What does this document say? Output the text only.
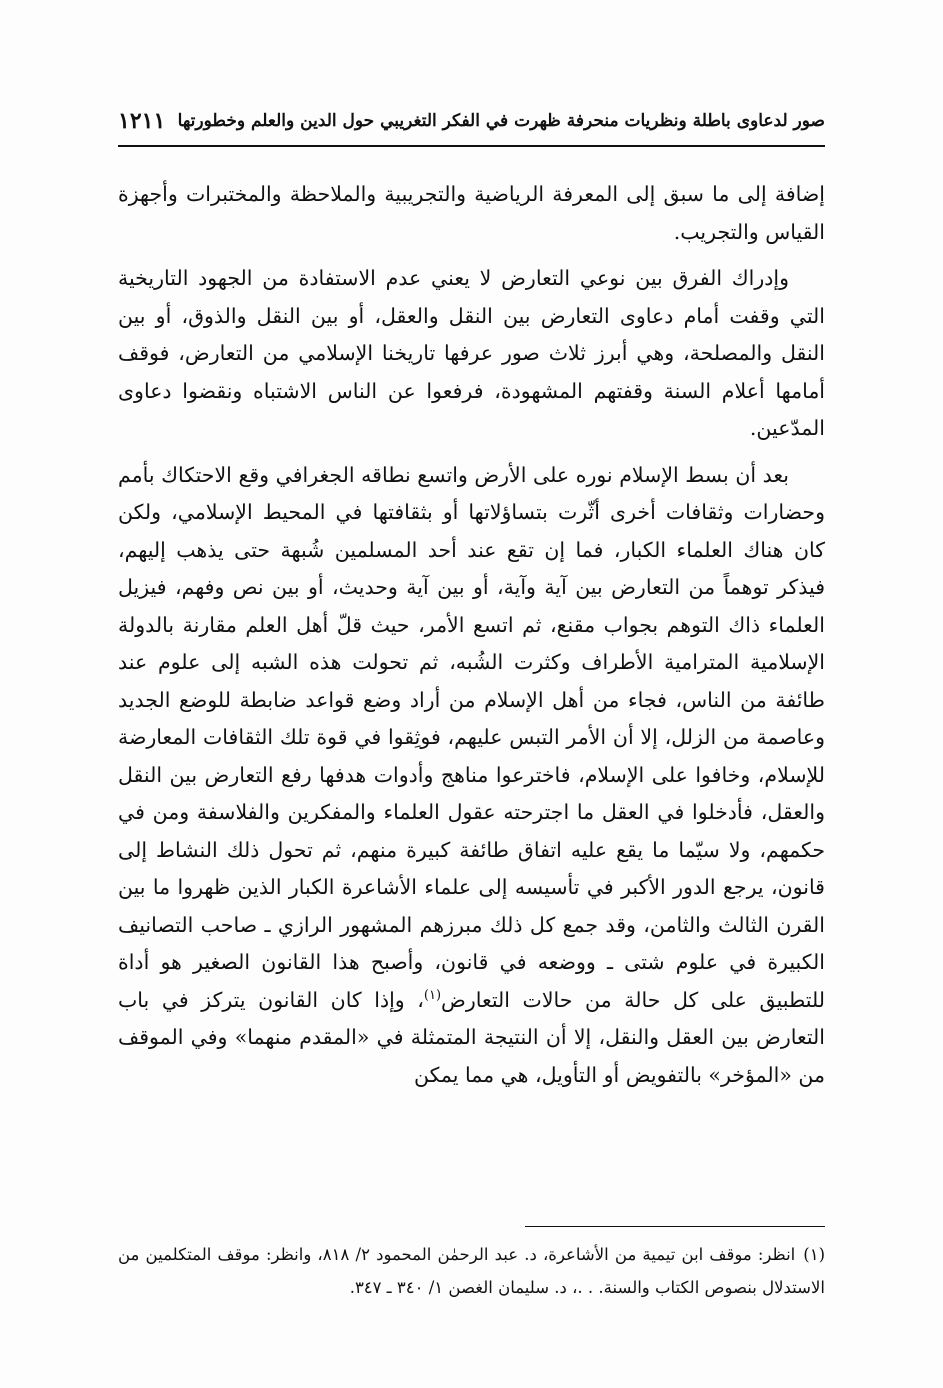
صور لدعاوى باطلة ونظريات منحرفة ظهرت في الفكر التغريبي حول الدين والعلم وخطورتها
١٢١١

إضافة إلى ما سبق إلى المعرفة الرياضية والتجريبية والملاحظة والمختبرات وأجهزة القياس والتجريب.

وإدراك الفرق بين نوعي التعارض لا يعني عدم الاستفادة من الجهود التاريخية التي وقفت أمام دعاوى التعارض بين النقل والعقل، أو بين النقل والذوق، أو بين النقل والمصلحة، وهي أبرز ثلاث صور عرفها تاريخنا الإسلامي من التعارض، فوقف أمامها أعلام السنة وقفتهم المشهودة، فرفعوا عن الناس الاشتباه ونقضوا دعاوى المدّعين.

بعد أن بسط الإسلام نوره على الأرض واتسع نطاقه الجغرافي وقع الاحتكاك بأمم وحضارات وثقافات أخرى أثّرت بتساؤلاتها أو بثقافتها في المحيط الإسلامي، ولكن كان هناك العلماء الكبار، فما إن تقع عند أحد المسلمين شُبهة حتى يذهب إليهم، فيذكر توهماً من التعارض بين آية وآية، أو بين آية وحديث، أو بين نص وفهم، فيزيل العلماء ذاك التوهم بجواب مقنع، ثم اتسع الأمر، حيث قلّ أهل العلم مقارنة بالدولة الإسلامية المترامية الأطراف وكثرت الشُبه، ثم تحولت هذه الشبه إلى علوم عند طائفة من الناس، فجاء من أهل الإسلام من أراد وضع قواعد ضابطة للوضع الجديد وعاصمة من الزلل، إلا أن الأمر التبس عليهم، فوثِقوا في قوة تلك الثقافات المعارضة للإسلام، وخافوا على الإسلام، فاخترعوا مناهج وأدوات هدفها رفع التعارض بين النقل والعقل، فأدخلوا في العقل ما اجترحته عقول العلماء والمفكرين والفلاسفة ومن في حكمهم، ولا سيّما ما يقع عليه اتفاق طائفة كبيرة منهم، ثم تحول ذلك النشاط إلى قانون، يرجع الدور الأكبر في تأسيسه إلى علماء الأشاعرة الكبار الذين ظهروا ما بين القرن الثالث والثامن، وقد جمع كل ذلك مبرزهم المشهور الرازي ـ صاحب التصانيف الكبيرة في علوم شتى ـ ووضعه في قانون، وأصبح هذا القانون الصغير هو أداة للتطبيق على كل حالة من حالات التعارض$^{(١)}$، وإذا كان القانون يتركز في باب التعارض بين العقل والنقل، إلا أن النتيجة المتمثلة في «المقدم منهما» وفي الموقف من «المؤخر» بالتفويض أو التأويل، هي مما يمكن

(١)انظر: موقف ابن تيمية من الأشاعرة، د. عبد الرحمٰن المحمود ٢/ ٨١٨، وانظر: موقف المتكلمين من الاستدلال بنصوص الكتاب والسنة. . .، د. سليمان الغصن ١/ ٣٤٠ ـ ٣٤٧.
